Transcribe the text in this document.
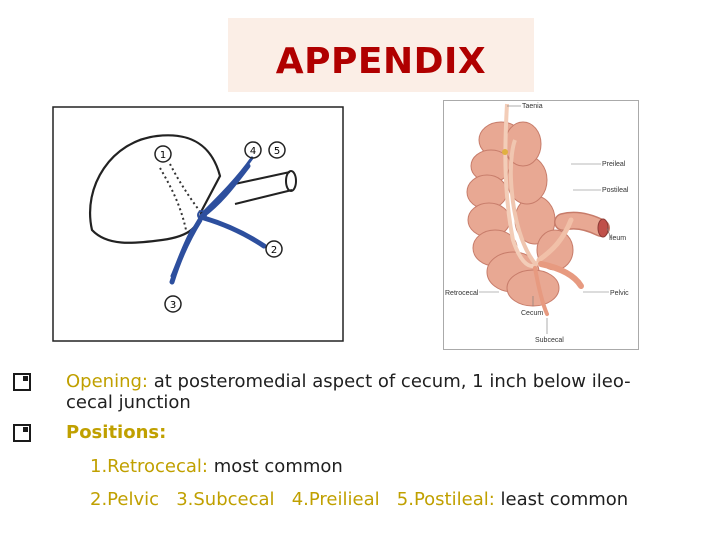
APPENDIX
1	4 5
2
3
Taenia
Preileal
Postileal
Ileum
Retrocecal	Pelvic
Cecum
Subcecal
Opening: at posteromedial aspect of cecum, 1 inch below ileo-
cecal junction
Positions:
1.Retrocecal: most common
2.Pelvic 3.Subcecal 4.Preilieal 5.Postileal: least common
